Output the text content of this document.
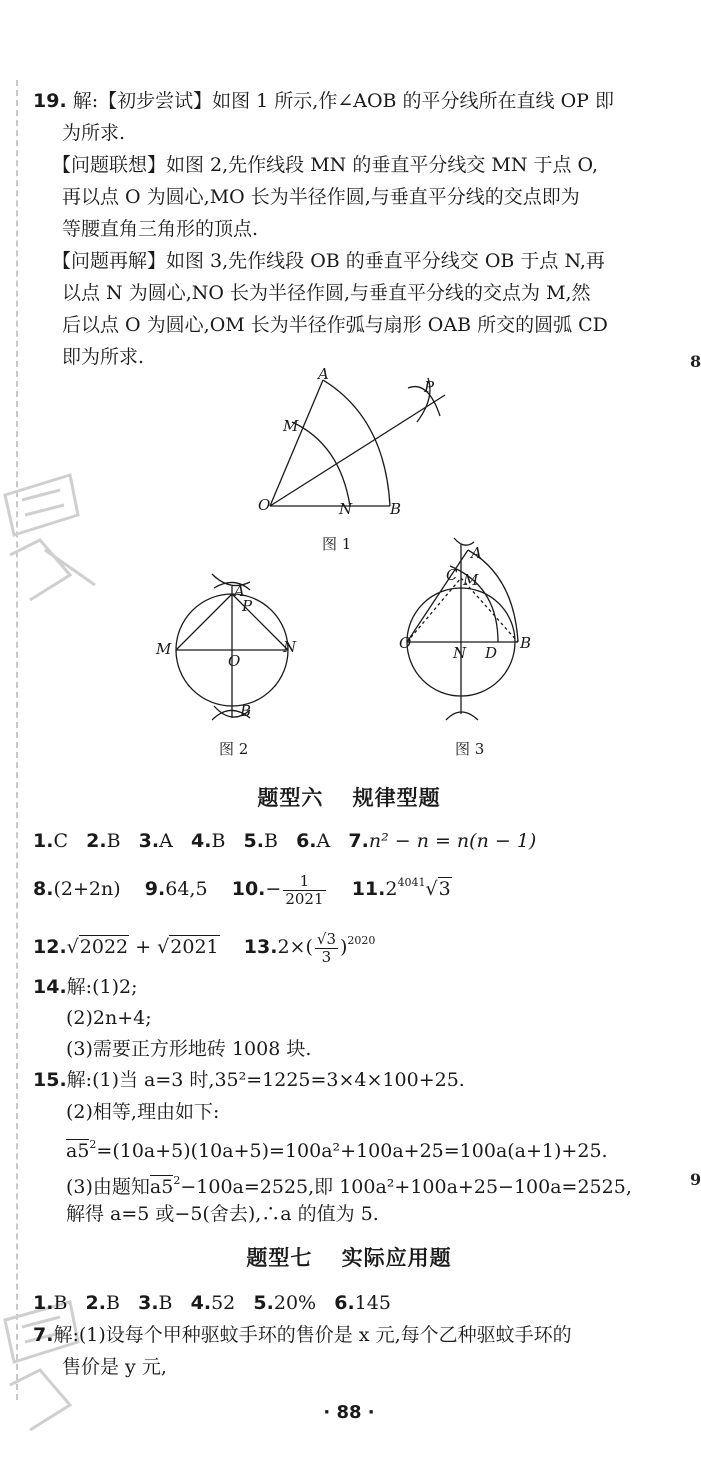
8
9
19. 解:【初步尝试】如图 1 所示,作∠AOB 的平分线所在直线 OP 即
为所求.
【问题联想】如图 2,先作线段 MN 的垂直平分线交 MN 于点 O,
再以点 O 为圆心,MO 长为半径作圆,与垂直平分线的交点即为
等腰直角三角形的顶点.
【问题再解】如图 3,先作线段 OB 的垂直平分线交 OB 于点 N,再
以点 N 为圆心,NO 长为半径作圆,与垂直平分线的交点为 M,然
后以点 O 为圆心,OM 长为半径作弧与扇形 OAB 所交的圆弧 CD
即为所求.
A
M
P
O	N	B
图 1
A
P
M
O
N
B
图 2
A
C M
O
N D
B
图 3
题型六 规律型题
1.C 2.B 3.A 4.B 5.B 6.A 7.n² − n = n(n − 1)
8.(2+2n) 9.64,5 $10.- \frac{1}{2021} 11.2^{4041}√3$
12.√2022 + √2021 $13.2\times( \frac{√3}{3} )^{2020}$
14.解:(1)2;
(2)2n+4;
(3)需要正方形地砖 1008 块.
15.解:(1)当 a=3 时,35²=1225=3×4×100+25.
(2)相等,理由如下:
$a5^2=(10a+5)(10a+5)=100a^2+100a+25=100a(a+1)+25$.
(3)由题知$a5^2-100a=2525$,即 100a²+100a+25−100a=2525,
解得 a=5 或−5(舍去),∴a 的值为 5.
题型七 实际应用题
1.B 2.B 3.B 4.52 5.20% 6.145
7.解:(1)设每个甲种驱蚊手环的售价是 x 元,每个乙种驱蚊手环的
售价是 y 元,
· 88 ·
